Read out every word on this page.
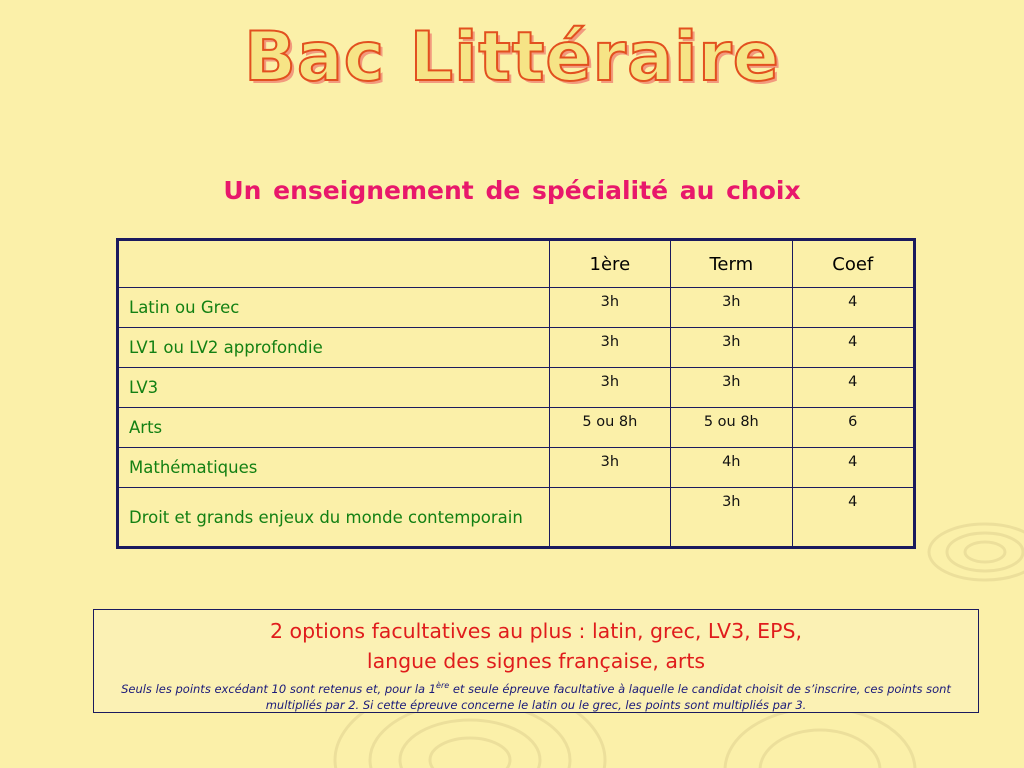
Bac Littéraire
Un enseignement de spécialité au choix
	1ère	Term	Coef
Latin ou Grec	3h	3h	4
LV1 ou LV2 approfondie	3h	3h	4
LV3	3h	3h	4
Arts	5 ou 8h	5 ou 8h	6
Mathématiques	3h	4h	4
Droit et grands enjeux du monde contemporain		3h	4
2 options facultatives au plus : latin, grec, LV3, EPS,
langue des signes française, arts
Seuls les points excédant 10 sont retenus et, pour la 1ère et seule épreuve facultative à laquelle le candidat choisit de s’inscrire, ces points sont multipliés par 2. Si cette épreuve concerne le latin ou le grec, les points sont multipliés par 3.
